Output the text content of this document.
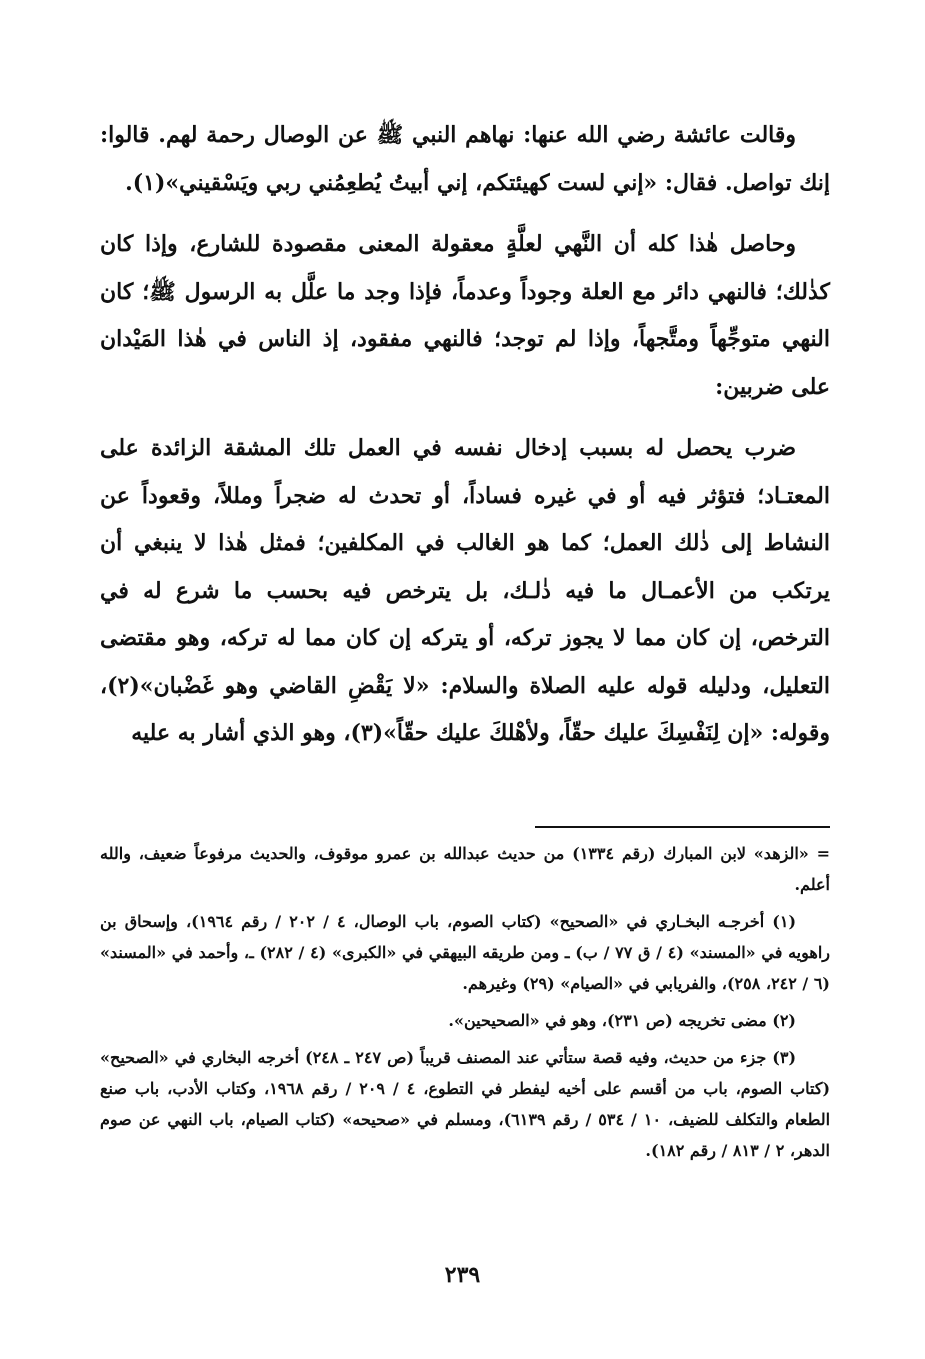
وقالت عائشة رضي الله عنها: نهاهم النبي ﷺ عن الوصال رحمة لهم. قالوا: إنك تواصل. فقال: «إني لست كهيئتكم، إني أبيتُ يُطعِمُني ربي ويَسْقيني»(١).

وحاصل هٰذا كله أن النَّهي لعلَّةٍ معقولة المعنى مقصودة للشارع، وإذا كان كذٰلك؛ فالنهي دائر مع العلة وجوداً وعدماً، فإذا وجد ما علَّل به الرسول ﷺ؛ كان النهي متوجِّهاً ومتَّجهاً، وإذا لم توجد؛ فالنهي مفقود، إذ الناس في هٰذا المَيْدان على ضربين:

ضرب يحصل له بسبب إدخال نفسه في العمل تلك المشقة الزائدة على المعتـاد؛ فتؤثر فيه أو في غيره فساداً، أو تحدث له ضجراً ومللاً، وقعوداً عن النشاط إلى ذٰلك العمل؛ كما هو الغالب في المكلفين؛ فمثل هٰذا لا ينبغي أن يرتكب من الأعمـال ما فيه ذٰلـك، بل يترخص فيه بحسب ما شرع له في الترخص، إن كان مما لا يجوز تركه، أو يتركه إن كان مما له تركه، وهو مقتضى التعليل، ودليله قوله عليه الصلاة والسلام: «لا يَقْضِ القاضي وهو غَضْبان»(٢)، وقوله: «إن لِنَفْسِكَ عليك حقّاً، ولأهْلكَ عليك حقّاً»(٣)، وهو الذي أشار به عليه

= «الزهد» لابن المبارك (رقم ١٣٣٤) من حديث عبدالله بن عمرو موقوف، والحديث مرفوعاً ضعيف، والله أعلم.

(١) أخرجـه البخـاري في «الصحيح» (كتاب الصوم، باب الوصال، ٤ / ٢٠٢ / رقم ١٩٦٤)، وإسحاق بن راهويه في «المسند» (٤ / ق ٧٧ / ب) ـ ومن طريقه البيهقي في «الكبرى» (٤ / ٢٨٢) ـ، وأحمد في «المسند» (٦ / ٢٤٢، ٢٥٨)، والفريابي في «الصيام» (٢٩) وغيرهم.

(٢) مضى تخريجه (ص ٢٣١)، وهو في «الصحيحين».

(٣) جزء من حديث، وفيه قصة ستأتي عند المصنف قريباً (ص ٢٤٧ ـ ٢٤٨) أخرجه البخاري في «الصحيح» (كتاب الصوم، باب من أقسم على أخيه ليفطر في التطوع، ٤ / ٢٠٩ / رقم ١٩٦٨، وكتاب الأدب، باب صنع الطعام والتكلف للضيف، ١٠ / ٥٣٤ / رقم ٦١٣٩)، ومسلم في «صحيحه» (كتاب الصيام، باب النهي عن صوم الدهر، ٢ / ٨١٣ / رقم ١٨٢).

٢٣٩
